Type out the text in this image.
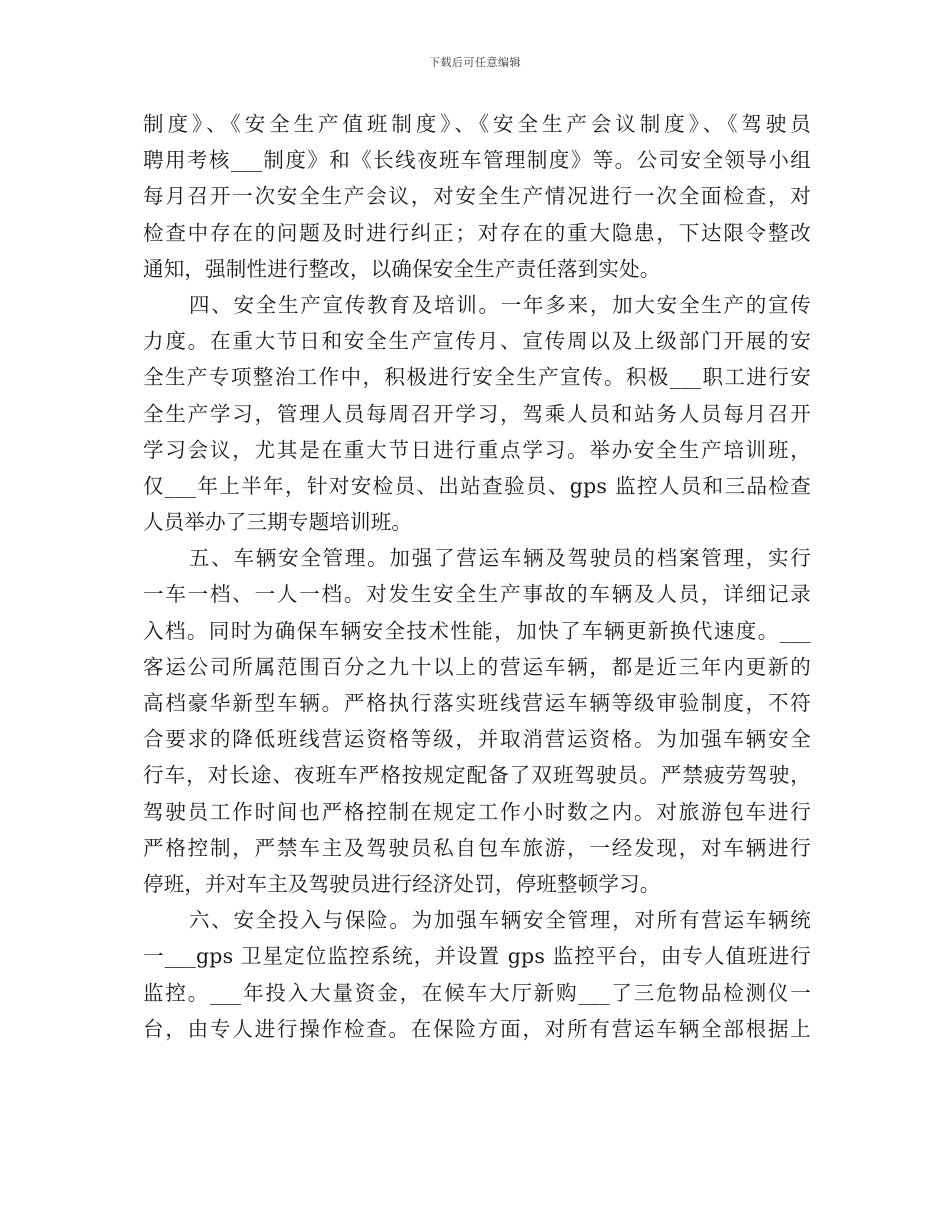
下载后可任意编辑
制度》、《安全生产值班制度》、《安全生产会议制度》、《驾驶员
聘用考核___制度》和《长线夜班车管理制度》等。公司安全领导小组
每月召开一次安全生产会议，对安全生产情况进行一次全面检查，对
检查中存在的问题及时进行纠正；对存在的重大隐患，下达限令整改
通知，强制性进行整改，以确保安全生产责任落到实处。
四、安全生产宣传教育及培训。一年多来，加大安全生产的宣传
力度。在重大节日和安全生产宣传月、宣传周以及上级部门开展的安
全生产专项整治工作中，积极进行安全生产宣传。积极___职工进行安
全生产学习，管理人员每周召开学习，驾乘人员和站务人员每月召开
学习会议，尤其是在重大节日进行重点学习。举办安全生产培训班，
仅___年上半年，针对安检员、出站查验员、gps 监控人员和三品检查
人员举办了三期专题培训班。
五、车辆安全管理。加强了营运车辆及驾驶员的档案管理，实行
一车一档、一人一档。对发生安全生产事故的车辆及人员，详细记录
入档。同时为确保车辆安全技术性能，加快了车辆更新换代速度。___
客运公司所属范围百分之九十以上的营运车辆，都是近三年内更新的
高档豪华新型车辆。严格执行落实班线营运车辆等级审验制度，不符
合要求的降低班线营运资格等级，并取消营运资格。为加强车辆安全
行车，对长途、夜班车严格按规定配备了双班驾驶员。严禁疲劳驾驶，
驾驶员工作时间也严格控制在规定工作小时数之内。对旅游包车进行
严格控制，严禁车主及驾驶员私自包车旅游，一经发现，对车辆进行
停班，并对车主及驾驶员进行经济处罚，停班整顿学习。
六、安全投入与保险。为加强车辆安全管理，对所有营运车辆统
一___gps 卫星定位监控系统，并设置 gps 监控平台，由专人值班进行
监控。___年投入大量资金，在候车大厅新购___了三危物品检测仪一
台，由专人进行操作检查。在保险方面，对所有营运车辆全部根据上
